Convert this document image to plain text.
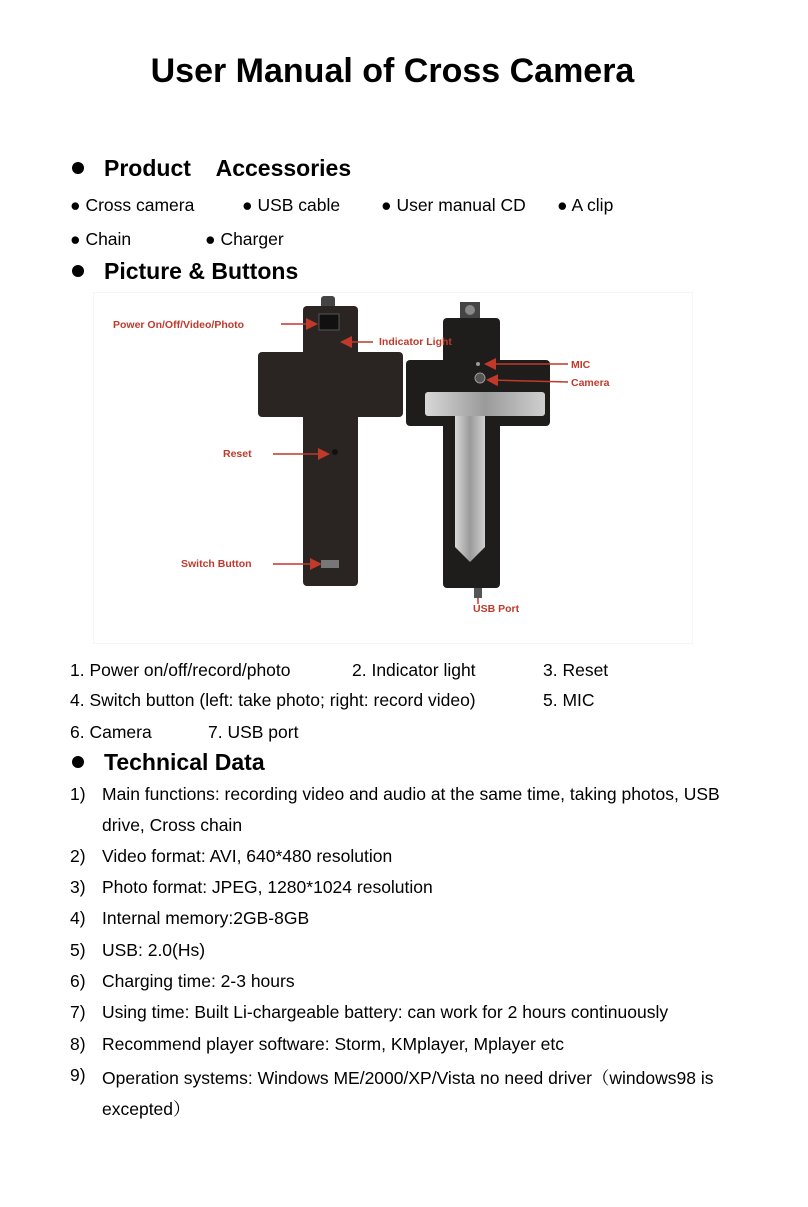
User Manual of Cross Camera
Product    Accessories
● Cross camera	● USB cable ● User manual CD ● A clip
● Chain	● Charger
Picture & Buttons
Power On/Off/Video/Photo
Indicator Light
Reset
Switch Button
MIC
Camera
USB Port
1. Power on/off/record/photo	2. Indicator light	3. Reset
4. Switch button (left: take photo; right: record video)	5. MIC
6. Camera	7. USB port
Technical Data
1) Main functions: recording video and audio at the same time, taking photos, USB
drive, Cross chain
2) Video format: AVI, 640*480 resolution
3) Photo format: JPEG, 1280*1024 resolution
4) Internal memory:2GB-8GB
5) USB: 2.0(Hs)
6) Charging time: 2-3 hours
7) Using time: Built Li-chargeable battery: can work for 2 hours continuously
8) Recommend player software: Storm, KMplayer, Mplayer etc
9) Operation systems: Windows ME/2000/XP/Vista no need driver（windows98 is
excepted）
